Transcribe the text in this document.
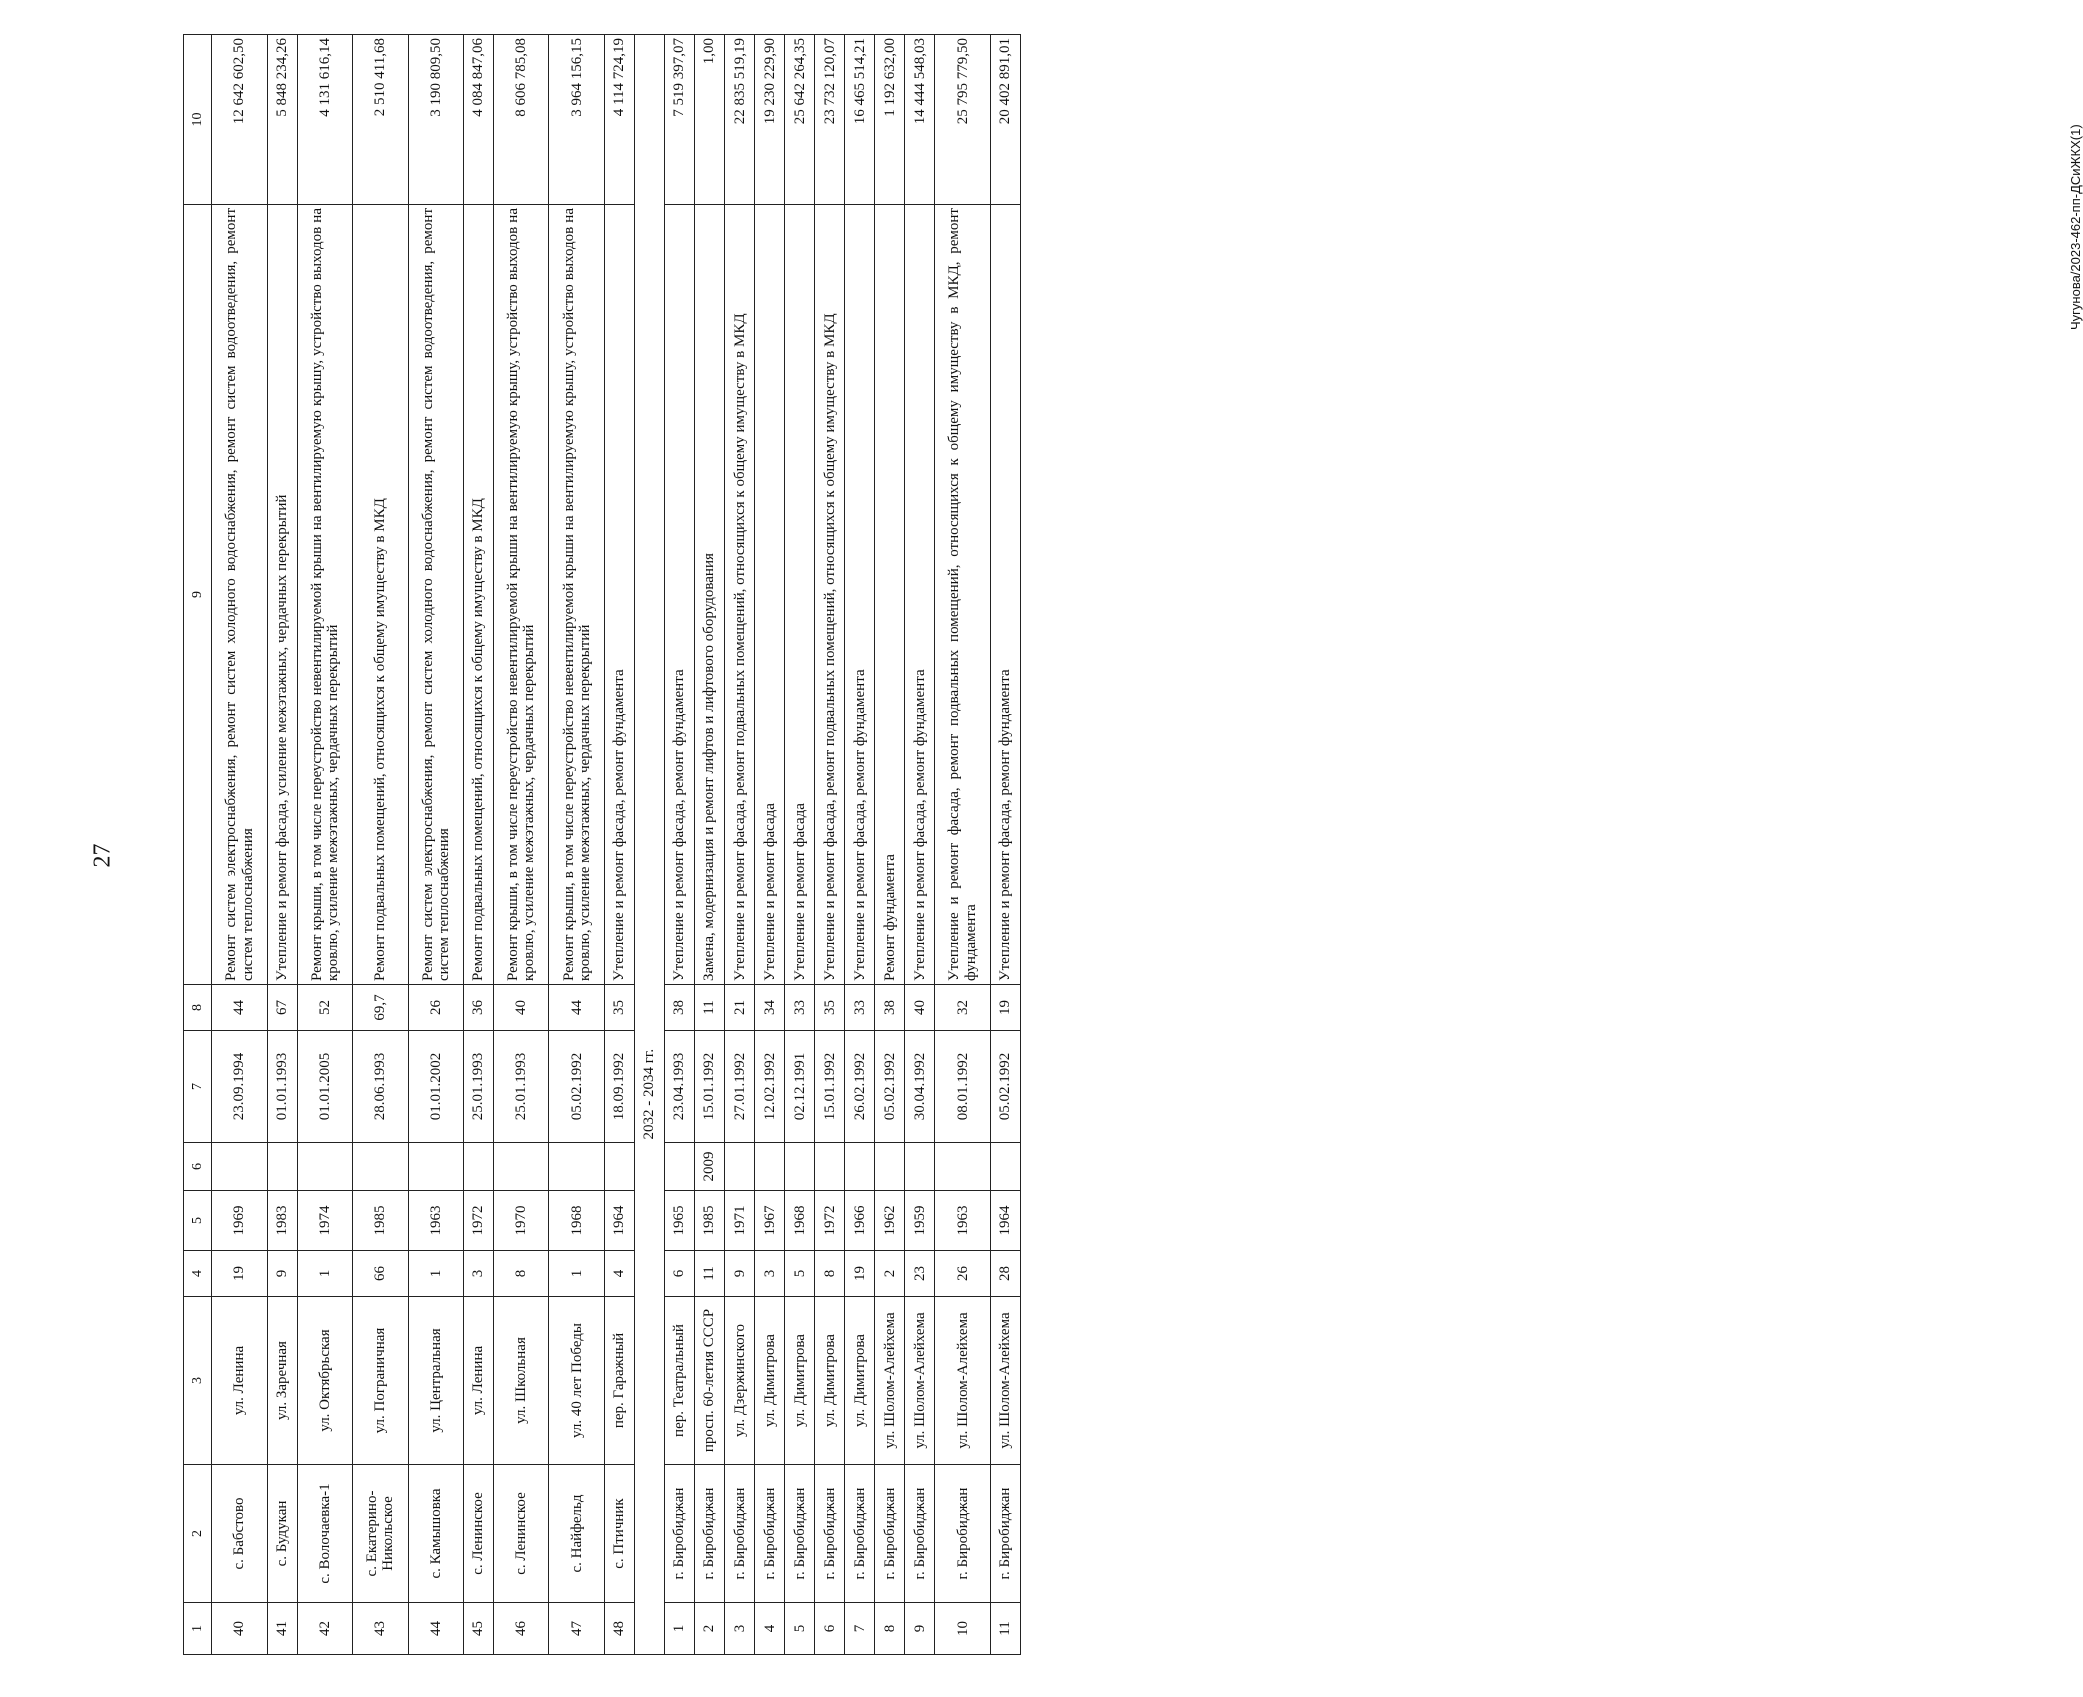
27
Чугунова/2023-462-пп-ДСиЖКХ(1)
1	2	3	4	5	6	7	8	9	10
40	с. Бабстово	ул. Ленина	19	1969		23.09.1994	44	Ремонт систем электроснабжения, ремонт систем холодного водоснабжения, ремонт систем водоотведения, ремонт систем теплоснабжения	12 642 602,50
41	с. Будукан	ул. Заречная	9	1983		01.01.1993	67	Утепление и ремонт фасада, усиление межэтажных, чердачных перекрытий	5 848 234,26
42	с. Волочаевка-1	ул. Октябрьская	1	1974		01.01.2005	52	Ремонт крыши, в том числе переустройство невентилируемой крыши на вентилируемую крышу, устройство выходов на кровлю, усиление межэтажных, чердачных перекрытий	4 131 616,14
43	с. Екатерино-Никольское	ул. Пограничная	66	1985		28.06.1993	69,7	Ремонт подвальных помещений, относящихся к общему имуществу в МКД	2 510 411,68
44	с. Камышовка	ул. Центральная	1	1963		01.01.2002	26	Ремонт систем электроснабжения, ремонт систем холодного водоснабжения, ремонт систем водоотведения, ремонт систем теплоснабжения	3 190 809,50
45	с. Ленинское	ул. Ленина	3	1972		25.01.1993	36	Ремонт подвальных помещений, относящихся к общему имуществу в МКД	4 084 847,06
46	с. Ленинское	ул. Школьная	8	1970		25.01.1993	40	Ремонт крыши, в том числе переустройство невентилируемой крыши на вентилируемую крышу, устройство выходов на кровлю, усиление межэтажных, чердачных перекрытий	8 606 785,08
47	с. Найфельд	ул. 40 лет Победы	1	1968		05.02.1992	44	Ремонт крыши, в том числе переустройство невентилируемой крыши на вентилируемую крышу, устройство выходов на кровлю, усиление межэтажных, чердачных перекрытий	3 964 156,15
48	с. Птичник	пер. Гаражный	4	1964		18.09.1992	35	Утепление и ремонт фасада, ремонт фундамента	4 114 724,19
						2032 - 2034 гг.			
1	г. Биробиджан	пер. Театральный	6	1965		23.04.1993	38	Утепление и ремонт фасада, ремонт фундамента	7 519 397,07
2	г. Биробиджан	просп. 60-летия СССР	11	1985	2009	15.01.1992	11	Замена, модернизация и ремонт лифтов и лифтового оборудования	1,00
3	г. Биробиджан	ул. Дзержинского	9	1971		27.01.1992	21	Утепление и ремонт фасада, ремонт подвальных помещений, относящихся к общему имуществу в МКД	22 835 519,19
4	г. Биробиджан	ул. Димитрова	3	1967		12.02.1992	34	Утепление и ремонт фасада	19 230 229,90
5	г. Биробиджан	ул. Димитрова	5	1968		02.12.1991	33	Утепление и ремонт фасада	25 642 264,35
6	г. Биробиджан	ул. Димитрова	8	1972		15.01.1992	35	Утепление и ремонт фасада, ремонт подвальных помещений, относящихся к общему имуществу в МКД	23 732 120,07
7	г. Биробиджан	ул. Димитрова	19	1966		26.02.1992	33	Утепление и ремонт фасада, ремонт фундамента	16 465 514,21
8	г. Биробиджан	ул. Шолом-Алейхема	2	1962		05.02.1992	38	Ремонт фундамента	1 192 632,00
9	г. Биробиджан	ул. Шолом-Алейхема	23	1959		30.04.1992	40	Утепление и ремонт фасада, ремонт фундамента	14 444 548,03
10	г. Биробиджан	ул. Шолом-Алейхема	26	1963		08.01.1992	32	Утепление и ремонт фасада, ремонт подвальных помещений, относящихся к общему имуществу в МКД, ремонт фундамента	25 795 779,50
11	г. Биробиджан	ул. Шолом-Алейхема	28	1964		05.02.1992	19	Утепление и ремонт фасада, ремонт фундамента	20 402 891,01
